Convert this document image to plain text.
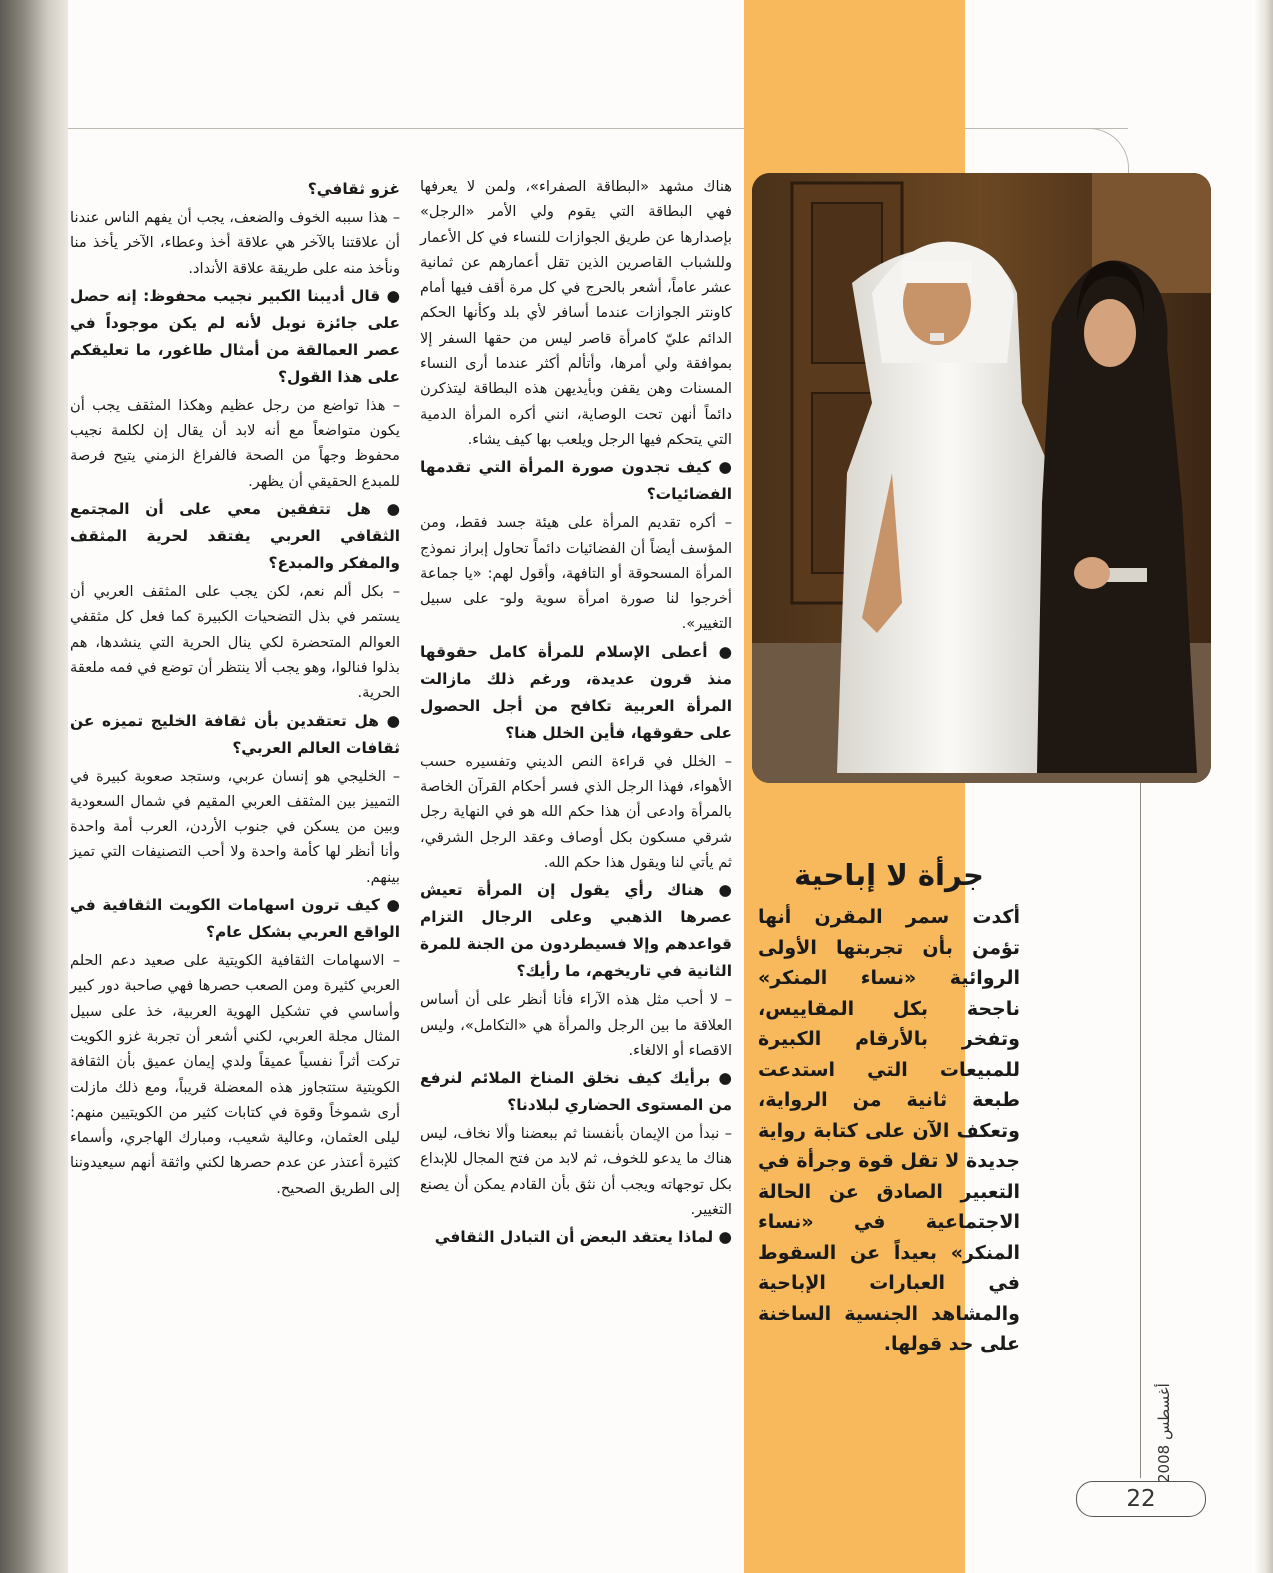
جرأة لا إباحية

أكدت سمر المقرن أنها تؤمن بأن تجربتها الأولى الروائية «نساء المنكر» ناجحة بكل المقاييس، وتفخر بالأرقام الكبيرة للمبيعات التي استدعت طبعة ثانية من الرواية، وتعكف الآن على كتابة رواية جديدة لا تقل قوة وجرأة في التعبير الصادق عن الحالة الاجتماعية في «نساء المنكر» بعيداً عن السقوط في العبارات الإباحية والمشاهد الجنسية الساخنة على حد قولها.

هناك مشهد «البطاقة الصفراء»، ولمن لا يعرفها فهي البطاقة التي يقوم ولي الأمر «الرجل» بإصدارها عن طريق الجوازات للنساء في كل الأعمار وللشباب القاصرين الذين تقل أعمارهم عن ثمانية عشر عاماً، أشعر بالحرج في كل مرة أقف فيها أمام كاونتر الجوازات عندما أسافر لأي بلد وكأنها الحكم الدائم عليّ كامرأة قاصر ليس من حقها السفر إلا بموافقة ولي أمرها، وأتألم أكثر عندما أرى النساء المسنات وهن يقفن وبأيديهن هذه البطاقة ليتذكرن دائماً أنهن تحت الوصاية، انني أكره المرأة الدمية التي يتحكم فيها الرجل ويلعب بها كيف يشاء.

● كيف تجدون صورة المرأة التي تقدمها الفضائيات؟

– أكره تقديم المرأة على هيئة جسد فقط، ومن المؤسف أيضاً أن الفضائيات دائماً تحاول إبراز نموذج المرأة المسحوقة أو التافهة، وأقول لهم: «يا جماعة أخرجوا لنا صورة امرأة سوية ولو- على سبيل التغيير».

● أعطى الإسلام للمرأة كامل حقوقها منذ قرون عديدة، ورغم ذلك مازالت المرأة العربية تكافح من أجل الحصول على حقوقها، فأين الخلل هنا؟

– الخلل في قراءة النص الديني وتفسيره حسب الأهواء، فهذا الرجل الذي فسر أحكام القرآن الخاصة بالمرأة وادعى أن هذا حكم الله هو في النهاية رجل شرقي مسكون بكل أوصاف وعقد الرجل الشرقي، ثم يأتي لنا ويقول هذا حكم الله.

● هناك رأي يقول إن المرأة تعيش عصرها الذهبي وعلى الرجال التزام قواعدهم وإلا فسيطردون من الجنة للمرة الثانية في تاريخهم، ما رأيك؟

– لا أحب مثل هذه الآراء فأنا أنظر على أن أساس العلاقة ما بين الرجل والمرأة هي «التكامل»، وليس الاقصاء أو الالغاء.

● برأيك كيف نخلق المناخ الملائم لنرفع من المستوى الحضاري لبلادنا؟

– نبدأ من الإيمان بأنفسنا ثم ببعضنا وألا نخاف، ليس هناك ما يدعو للخوف، ثم لابد من فتح المجال للإبداع بكل توجهاته ويجب أن نثق بأن القادم يمكن أن يصنع التغيير.

● لماذا يعتقد البعض أن التبادل الثقافي

غزو ثقافي؟

– هذا سببه الخوف والضعف، يجب أن يفهم الناس عندنا أن علاقتنا بالآخر هي علاقة أخذ وعطاء، الآخر يأخذ منا ونأخذ منه على طريقة علاقة الأنداد.

● قال أديبنا الكبير نجيب محفوظ: إنه حصل على جائزة نوبل لأنه لم يكن موجوداً في عصر العمالقة من أمثال طاغور، ما تعليقكم على هذا القول؟

– هذا تواضع من رجل عظيم وهكذا المثقف يجب أن يكون متواضعاً مع أنه لابد أن يقال إن لكلمة نجيب محفوظ وجهاً من الصحة فالفراغ الزمني يتيح فرصة للمبدع الحقيقي أن يظهر.

● هل تتفقين معي على أن المجتمع الثقافي العربي يفتقد لحرية المثقف والمفكر والمبدع؟

– بكل ألم نعم، لكن يجب على المثقف العربي أن يستمر في بذل التضحيات الكبيرة كما فعل كل مثقفي العوالم المتحضرة لكي ينال الحرية التي ينشدها، هم بذلوا فنالوا، وهو يجب ألا ينتظر أن توضع في فمه ملعقة الحرية.

● هل تعتقدين بأن ثقافة الخليج تميزه عن ثقافات العالم العربي؟

– الخليجي هو إنسان عربي، وستجد صعوبة كبيرة في التمييز بين المثقف العربي المقيم في شمال السعودية وبين من يسكن في جنوب الأردن، العرب أمة واحدة وأنا أنظر لها كأمة واحدة ولا أحب التصنيفات التي تميز بينهم.

● كيف ترون اسهامات الكويت الثقافية في الواقع العربي بشكل عام؟

– الاسهامات الثقافية الكويتية على صعيد دعم الحلم العربي كثيرة ومن الصعب حصرها فهي صاحبة دور كبير وأساسي في تشكيل الهوية العربية، خذ على سبيل المثال مجلة العربي، لكني أشعر أن تجربة غزو الكويت تركت أثراً نفسياً عميقاً ولدي إيمان عميق بأن الثقافة الكويتية ستتجاوز هذه المعضلة قريباً، ومع ذلك مازلت أرى شموخاً وقوة في كتابات كثير من الكويتيين منهم: ليلى العثمان، وعالية شعيب، ومبارك الهاجري، وأسماء كثيرة أعتذر عن عدم حصرها لكني واثقة أنهم سيعيدوننا إلى الطريق الصحيح.

أغسطس 2008
22
